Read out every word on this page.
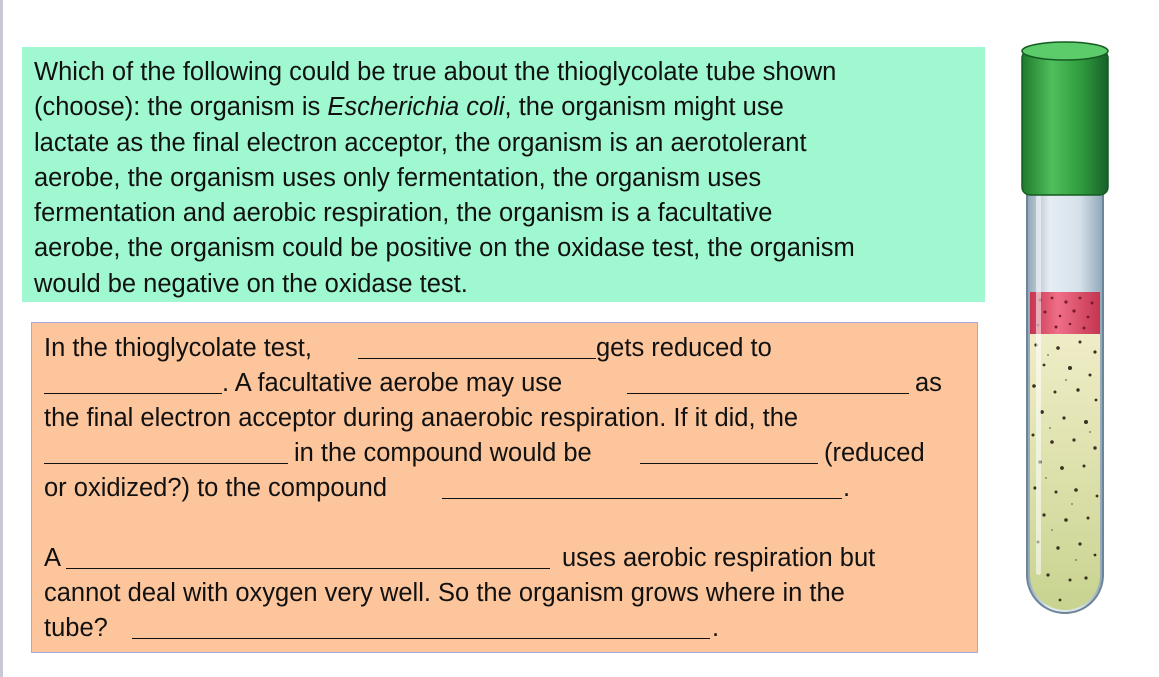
Which of the following could be true about the thioglycolate tube shown
(choose): the organism is Escherichia coli, the organism might use
lactate as the final electron acceptor, the organism is an aerotolerant
aerobe, the organism uses only fermentation, the organism uses
fermentation and aerobic respiration, the organism is a facultative
aerobe, the organism could be positive on the oxidase test, the organism
would be negative on the oxidase test.

In the thioglycolate test,	gets reduced to
. A facultative aerobe may use	as
the final electron acceptor during anaerobic respiration. If it did, the
in the compound would be	(reduced
or oxidized?) to the compound	.
A	uses aerobic respiration but
cannot deal with oxygen very well. So the organism grows where in the
tube?	.
